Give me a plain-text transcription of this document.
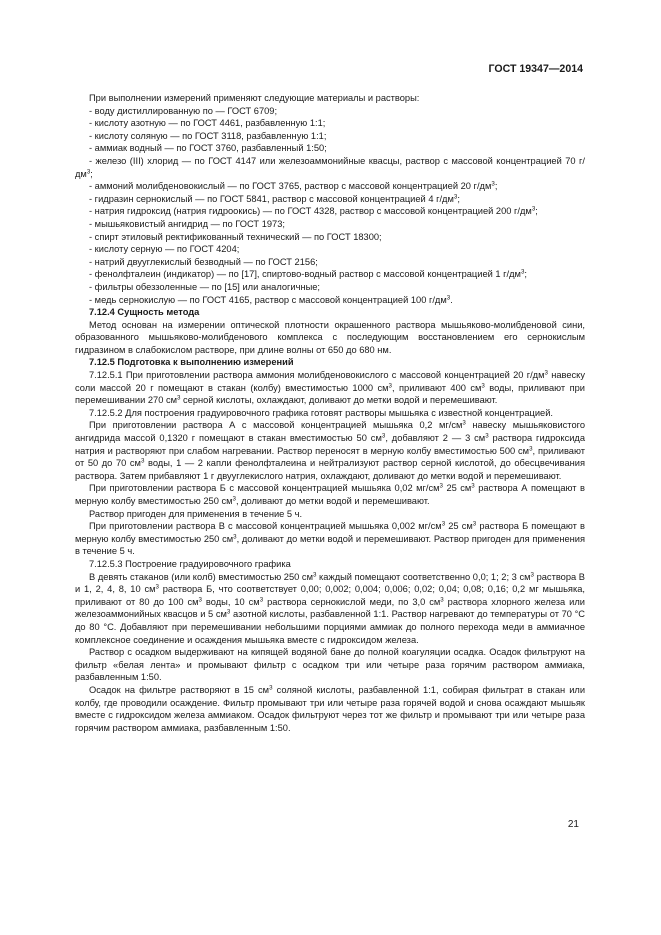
ГОСТ 19347—2014

При выполнении измерений применяют следующие материалы и растворы:

- воду дистиллированную по — ГОСТ 6709;

- кислоту азотную — по ГОСТ 4461, разбавленную 1:1;

- кислоту соляную — по ГОСТ 3118, разбавленную 1:1;

- аммиак водный — по ГОСТ 3760, разбавленный 1:50;

- железо (III) хлорид — по ГОСТ 4147 или железоаммонийные квасцы, раствор с массовой концентрацией 70 $г/дм^3$;

- аммоний молибденовокислый — по ГОСТ 3765, раствор с массовой концентрацией 20 $г/дм^3$;

- гидразин сернокислый — по ГОСТ 5841, раствор с массовой концентрацией 4 $г/дм^3$;

- натрия гидроксид (натрия гидроокись) — по ГОСТ 4328, раствор с массовой концентрацией 200 $г/дм^3$;

- мышьяковистый ангидрид — по ГОСТ 1973;

- спирт этиловый ректификованный технический — по ГОСТ 18300;

- кислоту серную — по ГОСТ 4204;

- натрий двууглекислый безводный — по ГОСТ 2156;

- фенолфталеин (индикатор) — по [17], спиртово-водный раствор с массовой концентрацией 1 $г/дм^3$;

- фильтры обеззоленные — по [15] или аналогичные;

- медь сернокислую — по ГОСТ 4165, раствор с массовой концентрацией 100 $г/дм^3$.

7.12.4 Сущность метода

Метод основан на измерении оптической плотности окрашенного раствора мышьяково-молибденовой сини, образованного мышьяково-молибденового комплекса с последующим восстановлением его сернокислым гидразином в слабокислом растворе, при длине волны от 650 до 680 нм.

7.12.5 Подготовка к выполнению измерений

7.12.5.1 При приготовлении раствора аммония молибденовокислого с массовой концентрацией 20 $г/дм^3$ навеску соли массой 20 г помещают в стакан (колбу) вместимостью 1000 $см^3$, приливают 400 $см^3$ воды, приливают при перемешивании 270 $см^3$ серной кислоты, охлаждают, доливают до метки водой и перемешивают.

7.12.5.2 Для построения градуировочного графика готовят растворы мышьяка с известной концентрацией.

При приготовлении раствора А с массовой концентрацией мышьяка 0,2 $мг/см^3$ навеску мышьяковистого ангидрида массой 0,1320 г помещают в стакан вместимостью 50 $см^3$, добавляют 2 — 3 $см^3$ раствора гидроксида натрия и растворяют при слабом нагревании. Раствор переносят в мерную колбу вместимостью 500 $см^3$, приливают от 50 до 70 $см^3$ воды, 1 — 2 капли фенолфталеина и нейтрализуют раствор серной кислотой, до обесцвечивания раствора. Затем прибавляют 1 г двууглекислого натрия, охлаждают, доливают до метки водой и перемешивают.

При приготовлении раствора Б с массовой концентрацией мышьяка 0,02 $мг/см^3$ 25 $см^3$ раствора А помещают в мерную колбу вместимостью 250 $см^3$, доливают до метки водой и перемешивают.

Раствор пригоден для применения в течение 5 ч.

При приготовлении раствора В с массовой концентрацией мышьяка 0,002 $мг/см^3$ 25 $см^3$ раствора Б помещают в мерную колбу вместимостью 250 $см^3$, доливают до метки водой и перемешивают. Раствор пригоден для применения в течение 5 ч.

7.12.5.3 Построение градуировочного графика

В девять стаканов (или колб) вместимостью 250 $см^3$ каждый помещают соответственно 0,0; 1; 2; 3 $см^3$ раствора В и 1, 2, 4, 8, 10 $см^3$ раствора Б, что соответствует 0,00; 0,002; 0,004; 0,006; 0,02; 0,04; 0,08; 0,16; 0,2 мг мышьяка, приливают от 80 до 100 $см^3$ воды, 10 $см^3$ раствора сернокислой меди, по 3,0 $см^3$ раствора хлорного железа или железоаммонийных квасцов и 5 $см^3$ азотной кислоты, разбавленной 1:1. Раствор нагревают до температуры от 70 °С до 80 °С. Добавляют при перемешивании небольшими порциями аммиак до полного перехода меди в аммиачное комплексное соединение и осаждения мышьяка вместе с гидроксидом железа.

Раствор с осадком выдерживают на кипящей водяной бане до полной коагуляции осадка. Осадок фильтруют на фильтр «белая лента» и промывают фильтр с осадком три или четыре раза горячим раствором аммиака, разбавленным 1:50.

Осадок на фильтре растворяют в 15 $см^3$ соляной кислоты, разбавленной 1:1, собирая фильтрат в стакан или колбу, где проводили осаждение. Фильтр промывают три или четыре раза горячей водой и снова осаждают мышьяк вместе с гидроксидом железа аммиаком. Осадок фильтруют через тот же фильтр и промывают три или четыре раза горячим раствором аммиака, разбавленным 1:50.

21
